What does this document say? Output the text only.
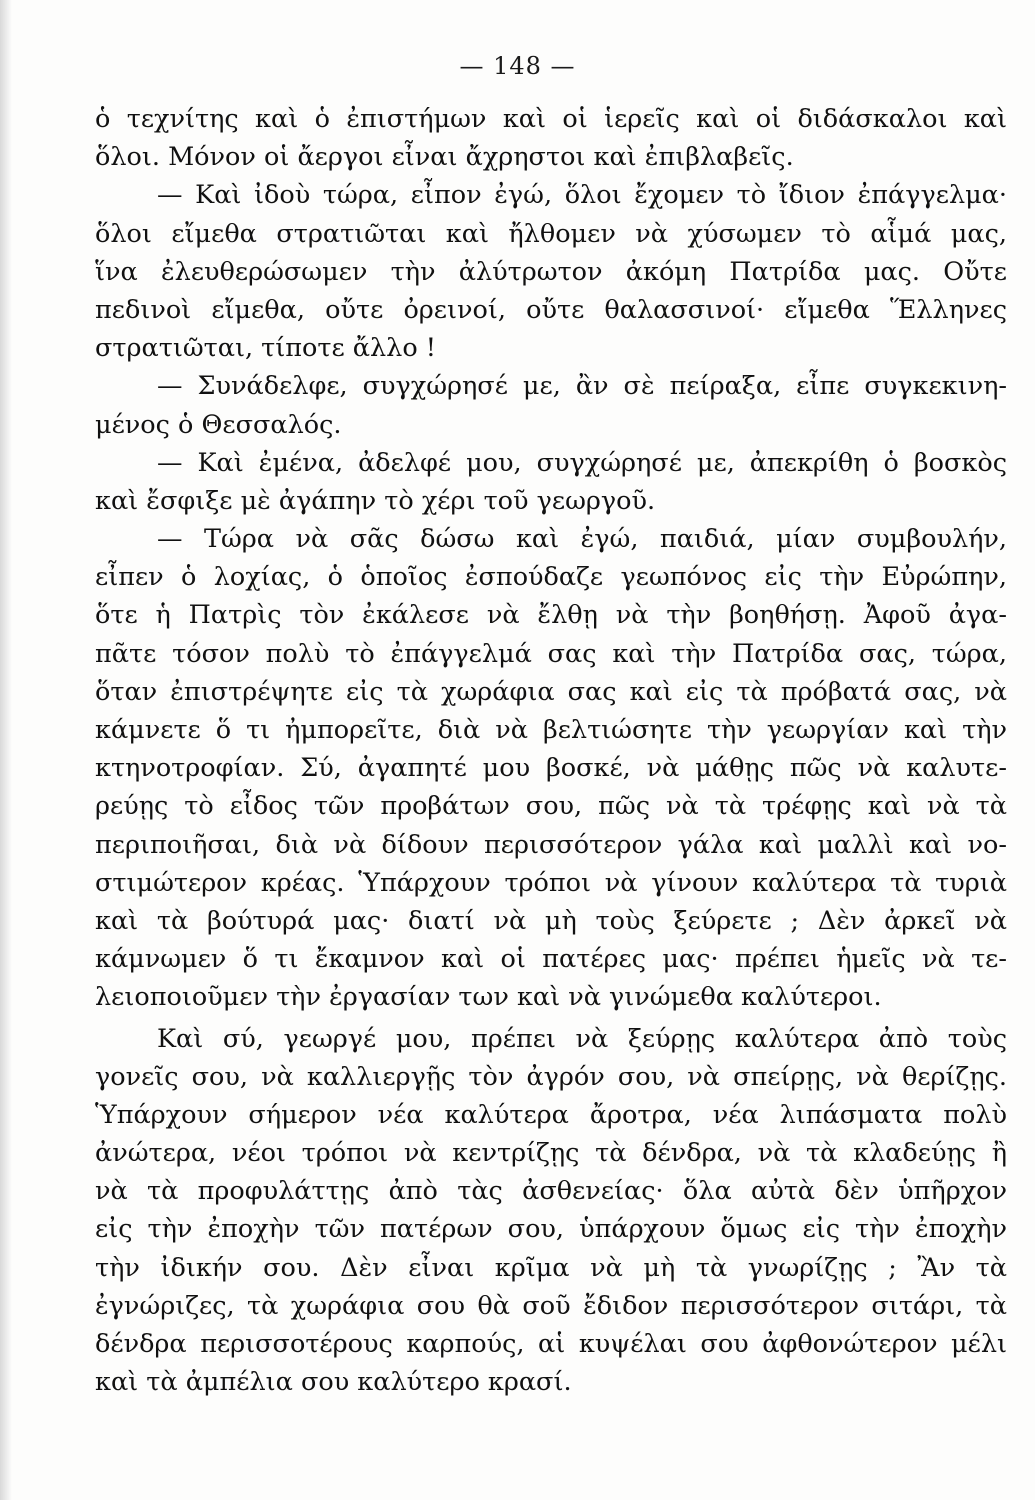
— 148 —
ὁ τεχνίτης καὶ ὁ ἐπιστήμων καὶ οἱ ἱερεῖς καὶ οἱ διδάσκαλοι καὶ
ὅλοι. Μόνον οἱ ἄεργοι εἶναι ἄχρηστοι καὶ ἐπιβλαβεῖς.
— Καὶ ἰδοὺ τώρα, εἶπον ἐγώ, ὅλοι ἔχομεν τὸ ἴδιον ἐπάγγελμα·
ὅλοι εἴμεθα στρατιῶται καὶ ἤλθομεν νὰ χύσωμεν τὸ αἷμά μας,
ἵνα ἐλευθερώσωμεν τὴν ἀλύτρωτον ἀκόμη Πατρίδα μας. Οὔτε
πεδινοὶ εἴμεθα, οὔτε ὀρεινοί, οὔτε θαλασσινοί· εἴμεθα Ἕλληνες
στρατιῶται, τίποτε ἄλλο !
— Συνάδελφε, συγχώρησέ με, ἂν σὲ πείραξα, εἶπε συγκεκινη-
μένος ὁ Θεσσαλός.
— Καὶ ἐμένα, ἀδελφέ μου, συγχώρησέ με, ἀπεκρίθη ὁ βοσκὸς
καὶ ἔσφιξε μὲ ἀγάπην τὸ χέρι τοῦ γεωργοῦ.
— Τώρα νὰ σᾶς δώσω καὶ ἐγώ, παιδιά, μίαν συμβουλήν,
εἶπεν ὁ λοχίας, ὁ ὁποῖος ἐσπούδαζε γεωπόνος εἰς τὴν Εὐρώπην,
ὅτε ἡ Πατρὶς τὸν ἐκάλεσε νὰ ἔλθῃ νὰ τὴν βοηθήσῃ. Ἀφοῦ ἀγα-
πᾶτε τόσον πολὺ τὸ ἐπάγγελμά σας καὶ τὴν Πατρίδα σας, τώρα,
ὅταν ἐπιστρέψητε εἰς τὰ χωράφια σας καὶ εἰς τὰ πρόβατά σας, νὰ
κάμνετε ὅ τι ἠμπορεῖτε, διὰ νὰ βελτιώσητε τὴν γεωργίαν καὶ τὴν
κτηνοτροφίαν. Σύ, ἀγαπητέ μου βοσκέ, νὰ μάθῃς πῶς νὰ καλυτε-
ρεύῃς τὸ εἶδος τῶν προβάτων σου, πῶς νὰ τὰ τρέφῃς καὶ νὰ τὰ
περιποιῆσαι, διὰ νὰ δίδουν περισσότερον γάλα καὶ μαλλὶ καὶ νο-
στιμώτερον κρέας. Ὑπάρχουν τρόποι νὰ γίνουν καλύτερα τὰ τυριὰ
καὶ τὰ βούτυρά μας· διατί νὰ μὴ τοὺς ξεύρετε ; Δὲν ἀρκεῖ νὰ
κάμνωμεν ὅ τι ἔκαμνον καὶ οἱ πατέρες μας· πρέπει ἡμεῖς νὰ τε-
λειοποιοῦμεν τὴν ἐργασίαν των καὶ νὰ γινώμεθα καλύτεροι.
Καὶ σύ, γεωργέ μου, πρέπει νὰ ξεύρῃς καλύτερα ἀπὸ τοὺς
γονεῖς σου, νὰ καλλιεργῇς τὸν ἀγρόν σου, νὰ σπείρῃς, νὰ θερίζῃς.
Ὑπάρχουν σήμερον νέα καλύτερα ἄροτρα, νέα λιπάσματα πολὺ
ἀνώτερα, νέοι τρόποι νὰ κεντρίζῃς τὰ δένδρα, νὰ τὰ κλαδεύῃς ἢ
νὰ τὰ προφυλάττῃς ἀπὸ τὰς ἀσθενείας· ὅλα αὐτὰ δὲν ὑπῆρχον
εἰς τὴν ἐποχὴν τῶν πατέρων σου, ὑπάρχουν ὅμως εἰς τὴν ἐποχὴν
τὴν ἰδικήν σου. Δὲν εἶναι κρῖμα νὰ μὴ τὰ γνωρίζῃς ; Ἂν τὰ
ἐγνώριζες, τὰ χωράφια σου θὰ σοῦ ἔδιδον περισσότερον σιτάρι, τὰ
δένδρα περισσοτέρους καρπούς, αἱ κυψέλαι σου ἀφθονώτερον μέλι
καὶ τὰ ἀμπέλια σου καλύτερο κρασί.
